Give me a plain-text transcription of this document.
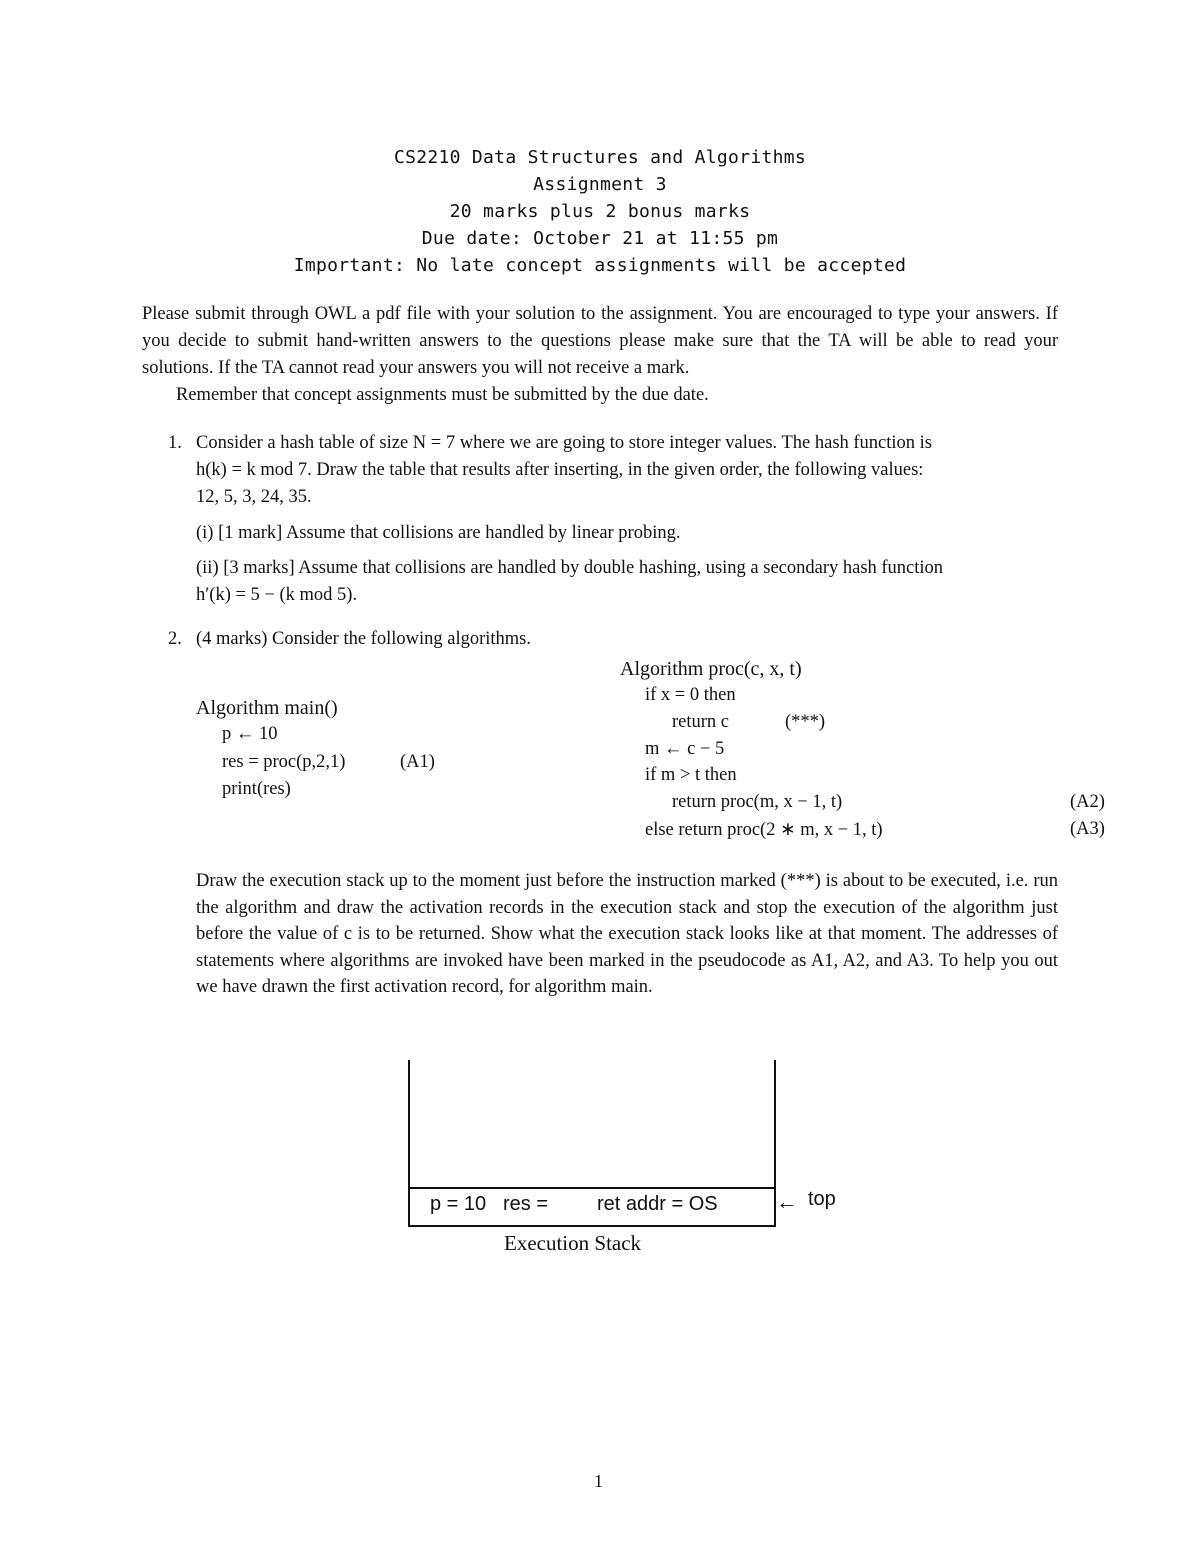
CS2210 Data Structures and Algorithms
Assignment 3
20 marks plus 2 bonus marks
Due date: October 21 at 11:55 pm
Important: No late concept assignments will be accepted
Please submit through OWL a pdf file with your solution to the assignment. You are encouraged to type your answers. If you decide to submit hand-written answers to the questions please make sure that the TA will be able to read your solutions. If the TA cannot read your answers you will not receive a mark.
Remember that concept assignments must be submitted by the due date.
1. Consider a hash table of size N = 7 where we are going to store integer values. The hash function is
h(k) = k mod 7. Draw the table that results after inserting, in the given order, the following values:
12, 5, 3, 24, 35.
(i) [1 mark] Assume that collisions are handled by linear probing.
(ii) [3 marks] Assume that collisions are handled by double hashing, using a secondary hash function
h′(k) = 5 − (k mod 5).
2. (4 marks) Consider the following algorithms.
Algorithm main()
p ← 10
res = proc(p,2,1)	(A1)
print(res)
Algorithm proc(c, x, t)
if x = 0 then
return c	(***)
m ← c − 5
if m > t then
return proc(m, x − 1, t)	(A2)
else return proc(2 ∗ m, x − 1, t)	(A3)
Draw the execution stack up to the moment just before the instruction marked (***) is about to be executed, i.e. run the algorithm and draw the activation records in the execution stack and stop the execution of the algorithm just before the value of c is to be returned. Show what the execution stack looks like at that moment. The addresses of statements where algorithms are invoked have been marked in the pseudocode as A1, A2, and A3. To help you out we have drawn the first activation record, for algorithm main.
p = 10 res = ret addr = OS	← top
Execution Stack
1
